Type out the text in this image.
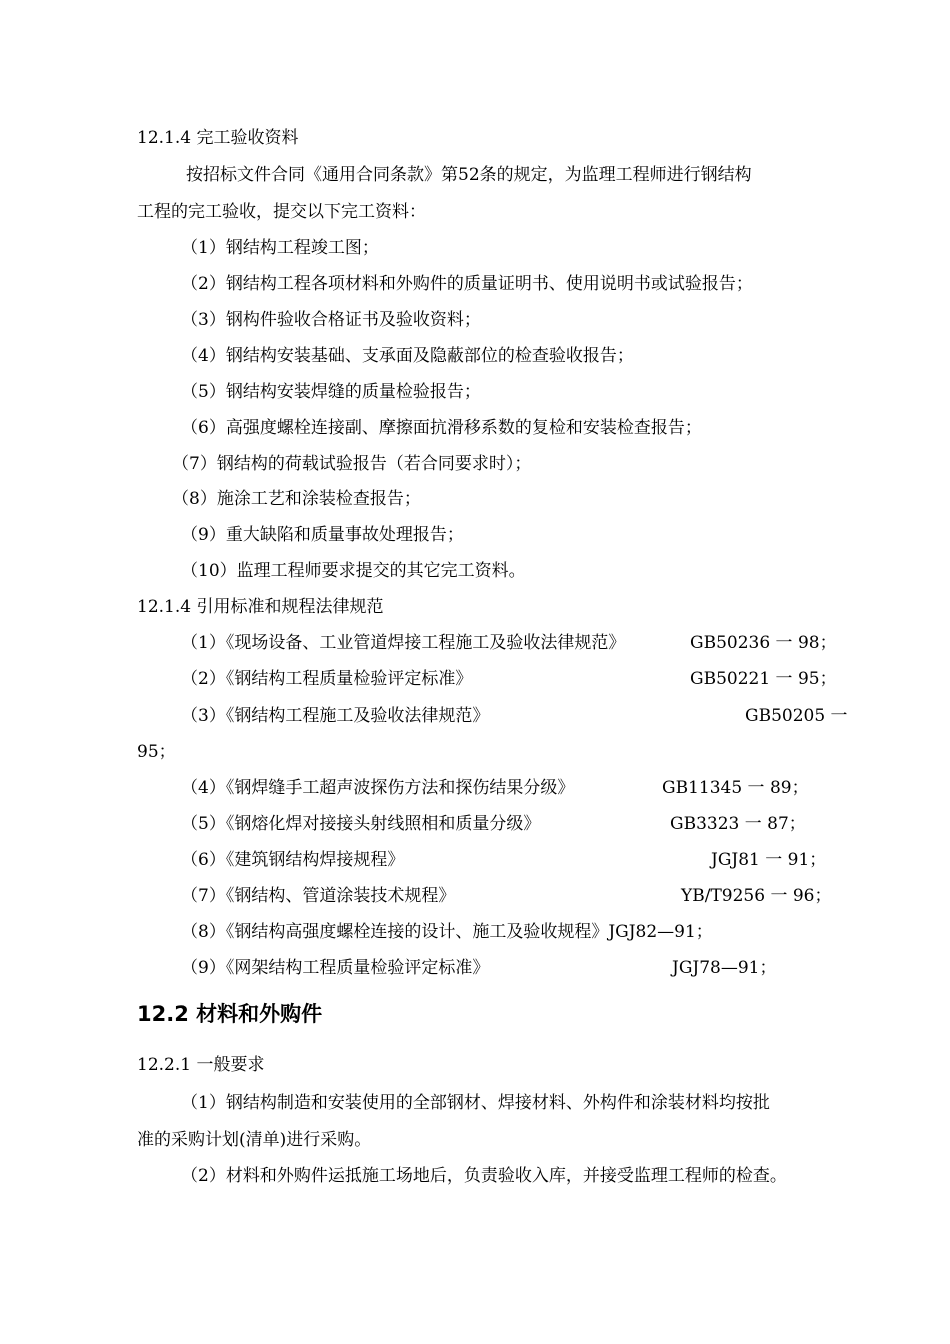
12.1.4 完工验收资料
按招标文件合同《通用合同条款》第52条的规定，为监理工程师进行钢结构
工程的完工验收，提交以下完工资料：
（1）钢结构工程竣工图；
（2）钢结构工程各项材料和外购件的质量证明书、使用说明书或试验报告；
（3）钢构件验收合格证书及验收资料；
（4）钢结构安装基础、支承面及隐蔽部位的检查验收报告；
（5）钢结构安装焊缝的质量检验报告；
（6）高强度螺栓连接副、摩擦面抗滑移系数的复检和安装检查报告；
（7）钢结构的荷载试验报告（若合同要求时）；
（8）施涂工艺和涂装检查报告；
（9）重大缺陷和质量事故处理报告；
（10）监理工程师要求提交的其它完工资料。
12.1.4 引用标准和规程法律规范
（1）《现场设备、工业管道焊接工程施工及验收法律规范》	GB50236 一 98；
（2）《钢结构工程质量检验评定标准》	GB50221 一 95；
（3）《钢结构工程施工及验收法律规范》	GB50205 一
95；
（4）《钢焊缝手工超声波探伤方法和探伤结果分级》	GB11345 一 89；
（5）《钢熔化焊对接接头射线照相和质量分级》	GB3323 一 87；
（6）《建筑钢结构焊接规程》	JGJ81 一 91；
（7）《钢结构、管道涂装技术规程》	YB/T9256 一 96；
（8）《钢结构高强度螺栓连接的设计、施工及验收规程》JGJ82—91；
（9）《网架结构工程质量检验评定标准》	JGJ78—91；
12.2 材料和外购件
12.2.1 一般要求
（1）钢结构制造和安装使用的全部钢材、焊接材料、外构件和涂装材料均按批
准的采购计划(清单)进行采购。
（2）材料和外购件运抵施工场地后，负责验收入库，并接受监理工程师的检查。
